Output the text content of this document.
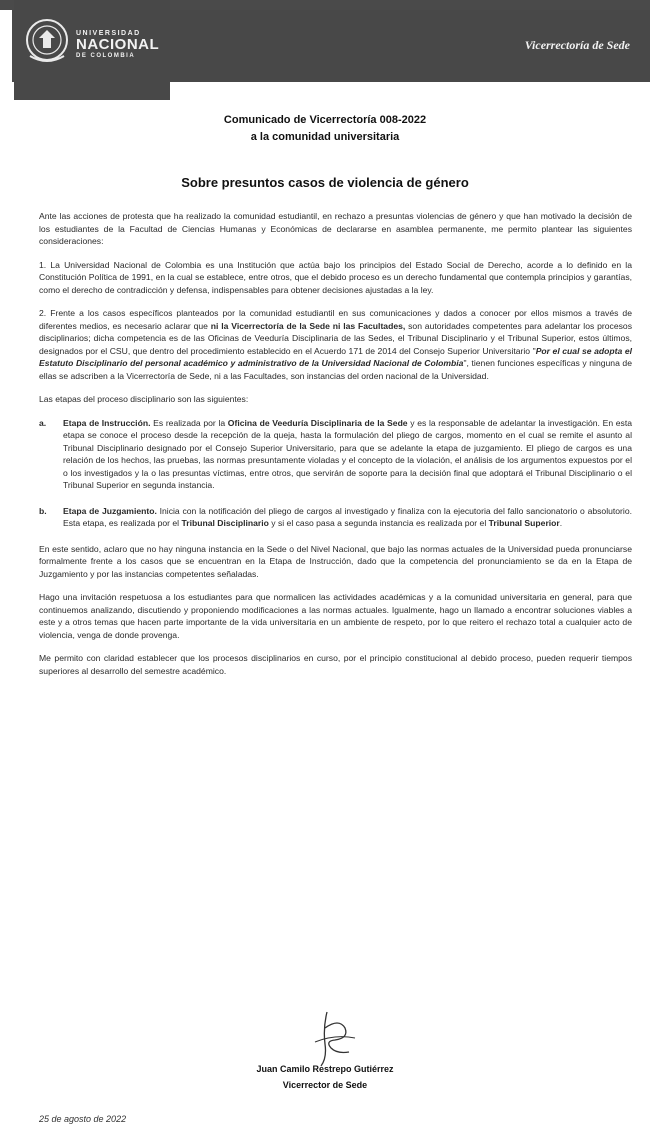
Vicerrectoría de Sede
UNIVERSIDAD
NACIONAL
DE COLOMBIA
Comunicado de Vicerrectoría 008-2022
a la comunidad universitaria
Sobre presuntos casos de violencia de género

Ante las acciones de protesta que ha realizado la comunidad estudiantil, en rechazo a presuntas violencias de género y que han motivado la decisión de los estudiantes de la Facultad de Ciencias Humanas y Económicas de declararse en asamblea permanente, me permito plantear las siguientes consideraciones:

1. La Universidad Nacional de Colombia es una Institución que actúa bajo los principios del Estado Social de Derecho, acorde a lo definido en la Constitución Política de 1991, en la cual se establece, entre otros, que el debido proceso es un derecho fundamental que contempla principios y garantías, como el derecho de contradicción y defensa, indispensables para obtener decisiones ajustadas a la ley.

2. Frente a los casos específicos planteados por la comunidad estudiantil en sus comunicaciones y dados a conocer por ellos mismos a través de diferentes medios, es necesario aclarar que ni la Vicerrectoría de la Sede ni las Facultades, son autoridades competentes para adelantar los procesos disciplinarios; dicha competencia es de las Oficinas de Veeduría Disciplinaria de las Sedes, el Tribunal Disciplinario y el Tribunal Superior, estos últimos, designados por el CSU, que dentro del procedimiento establecido en el Acuerdo 171 de 2014 del Consejo Superior Universitario "Por el cual se adopta el Estatuto Disciplinario del personal académico y administrativo de la Universidad Nacional de Colombia", tienen funciones específicas y ninguna de ellas se adscriben a la Vicerrectoría de Sede, ni a las Facultades, son instancias del orden nacional de la Universidad.

Las etapas del proceso disciplinario son las siguientes:

a.	Etapa de Instrucción. Es realizada por la Oficina de Veeduría Disciplinaria de la Sede y es la responsable de adelantar la investigación. En esta etapa se conoce el proceso desde la recepción de la queja, hasta la formulación del pliego de cargos, momento en el cual se remite el asunto al Tribunal Disciplinario designado por el Consejo Superior Universitario, para que se adelante la etapa de juzgamiento. El pliego de cargos es una relación de los hechos, las pruebas, las normas presuntamente violadas y el concepto de la violación, el análisis de los argumentos expuestos por el o los investigados y la o las presuntas víctimas, entre otros, que servirán de soporte para la decisión final que adoptará el Tribunal Disciplinario o el Tribunal Superior en segunda instancia.
b.	Etapa de Juzgamiento. Inicia con la notificación del pliego de cargos al investigado y finaliza con la ejecutoria del fallo sancionatorio o absolutorio. Esta etapa, es realizada por el Tribunal Disciplinario y si el caso pasa a segunda instancia es realizada por el Tribunal Superior.

En este sentido, aclaro que no hay ninguna instancia en la Sede o del Nivel Nacional, que bajo las normas actuales de la Universidad pueda pronunciarse formalmente frente a los casos que se encuentran en la Etapa de Instrucción, dado que la competencia del pronunciamiento se da en la Etapa de Juzgamiento y por las instancias competentes señaladas.

Hago una invitación respetuosa a los estudiantes para que normalicen las actividades académicas y a la comunidad universitaria en general, para que continuemos analizando, discutiendo y proponiendo modificaciones a las normas actuales. Igualmente, hago un llamado a encontrar soluciones viables a este y a otros temas que hacen parte importante de la vida universitaria en un ambiente de respeto, por lo que reitero el rechazo total a cualquier acto de violencia, venga de donde provenga.

Me permito con claridad establecer que los procesos disciplinarios en curso, por el principio constitucional al debido proceso, pueden requerir tiempos superiores al desarrollo del semestre académico.

Juan Camilo Restrepo Gutiérrez
Vicerrector de Sede
25 de agosto de 2022
